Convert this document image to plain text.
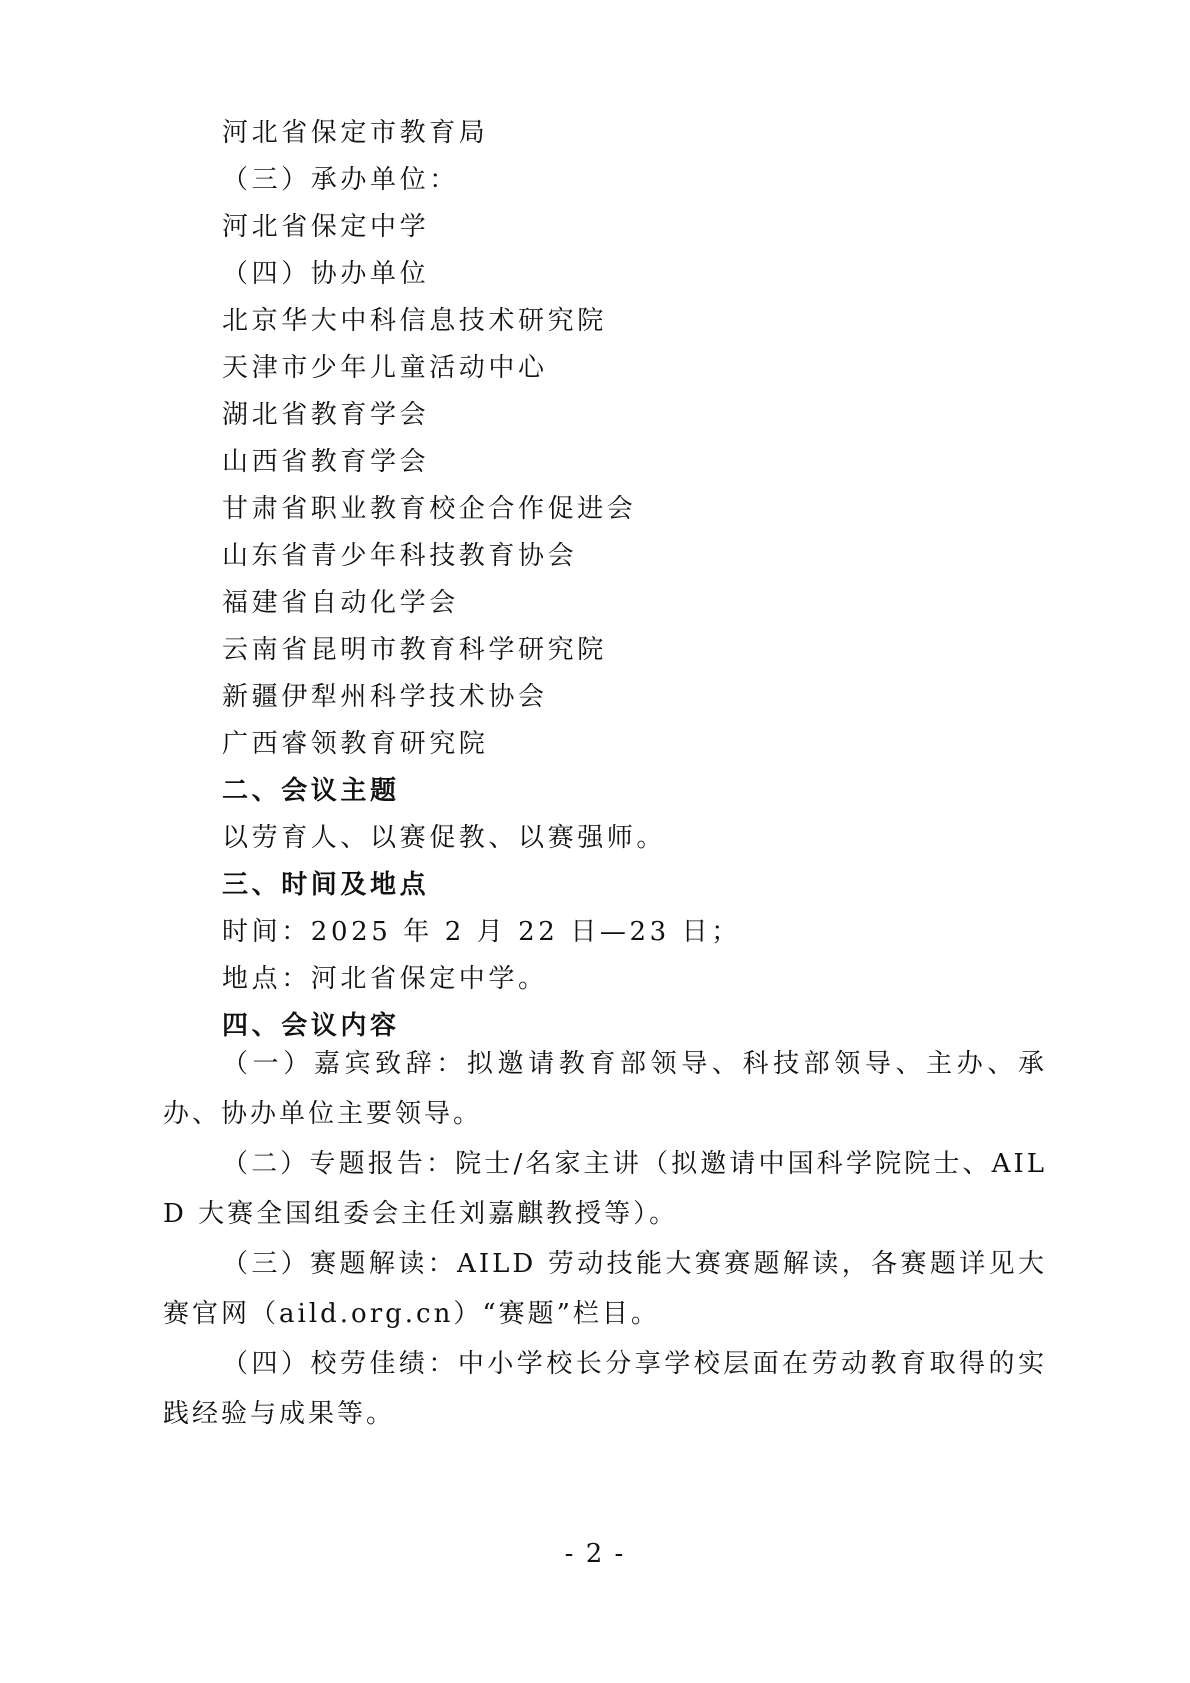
河北省保定市教育局
（三）承办单位：
河北省保定中学
（四）协办单位
北京华大中科信息技术研究院
天津市少年儿童活动中心
湖北省教育学会
山西省教育学会
甘肃省职业教育校企合作促进会
山东省青少年科技教育协会
福建省自动化学会
云南省昆明市教育科学研究院
新疆伊犁州科学技术协会
广西睿领教育研究院
二、会议主题
以劳育人、以赛促教、以赛强师。
三、时间及地点
时间：2025 年 2 月 22 日—23 日；
地点：河北省保定中学。
四、会议内容
（一）嘉宾致辞：拟邀请教育部领导、科技部领导、主办、承办、协办单位主要领导。
（二）专题报告：院士/名家主讲（拟邀请中国科学院院士、AILD 大赛全国组委会主任刘嘉麒教授等）。
（三）赛题解读：AILD 劳动技能大赛赛题解读，各赛题详见大赛官网（aild.org.cn）“赛题”栏目。
（四）校劳佳绩：中小学校长分享学校层面在劳动教育取得的实践经验与成果等。
- 2 -
